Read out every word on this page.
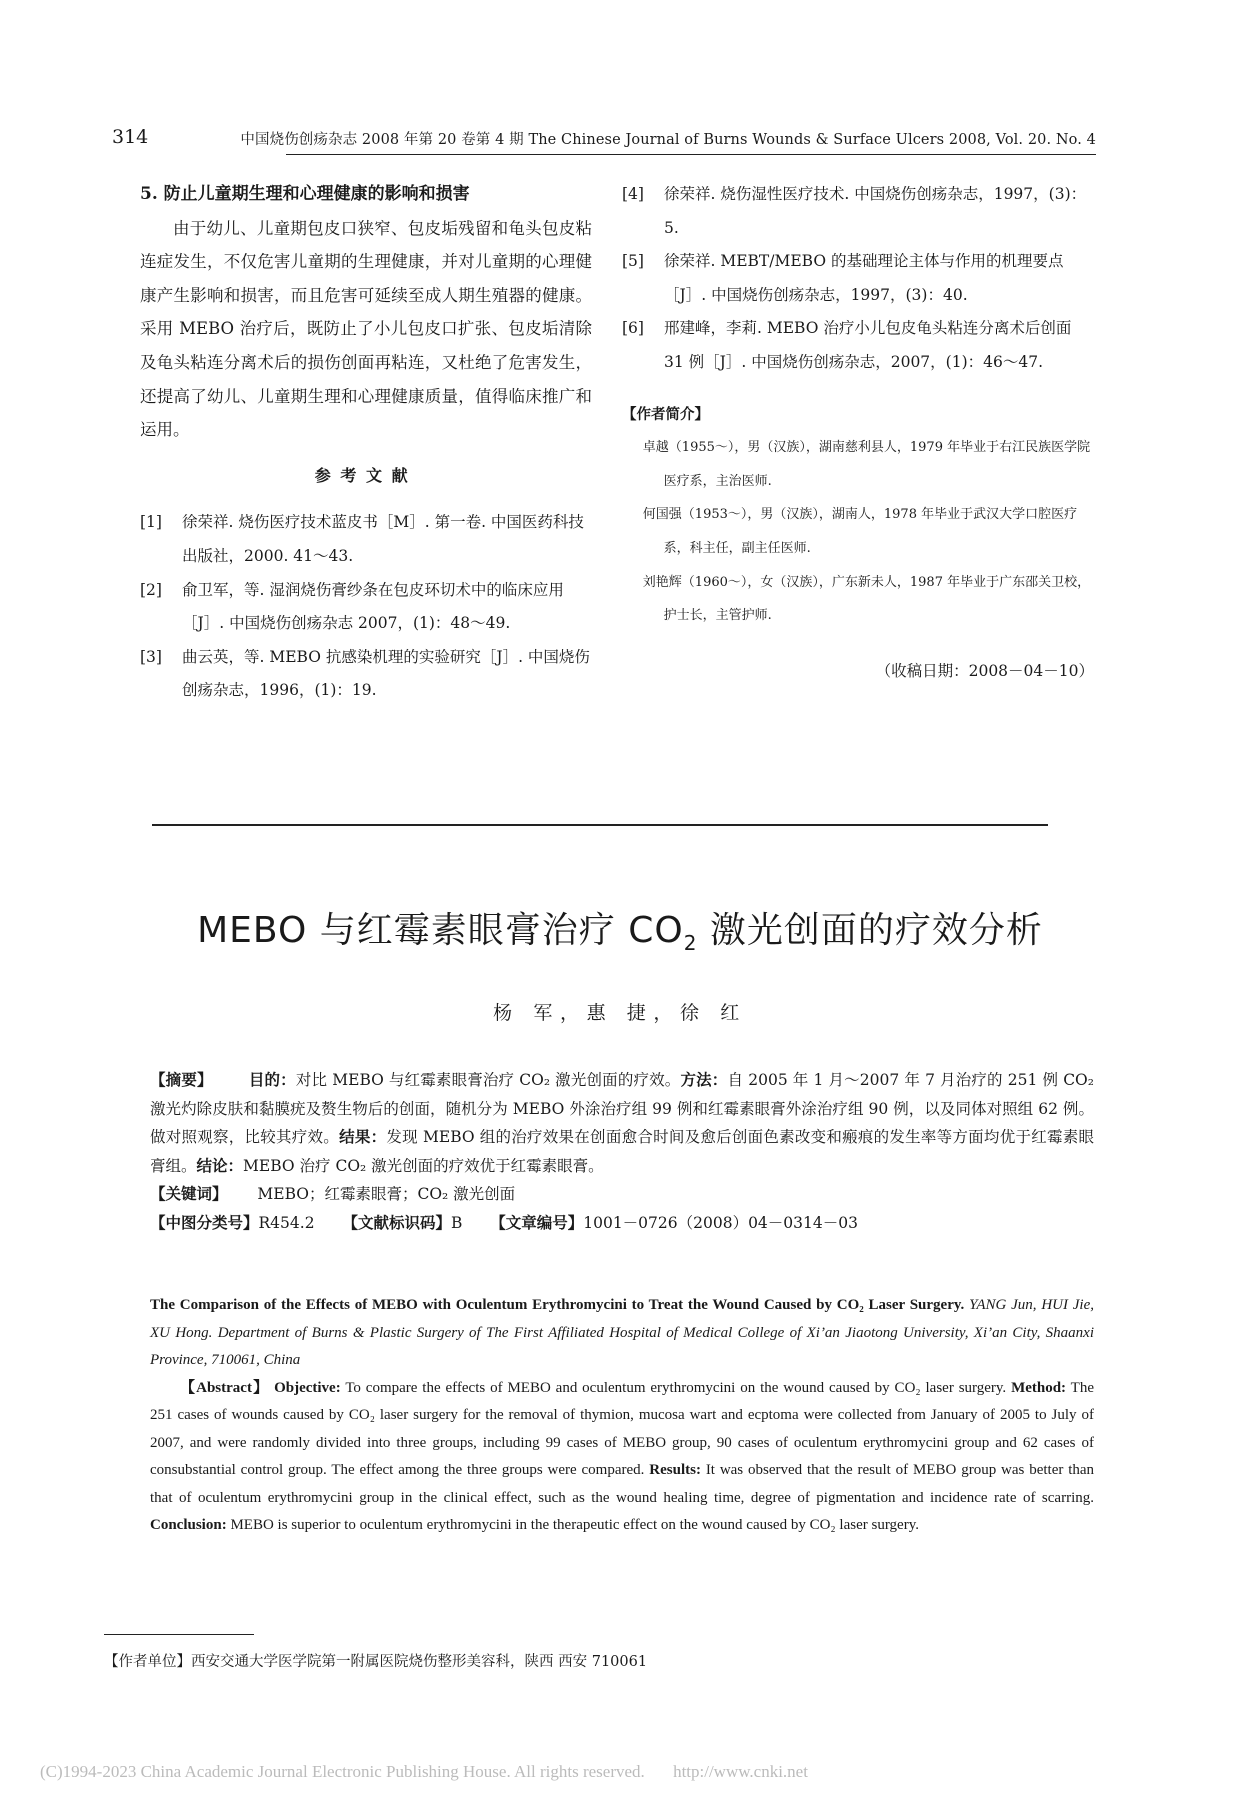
314	中国烧伤创疡杂志 2008 年第 20 卷第 4 期 The Chinese Journal of Burns Wounds & Surface Ulcers 2008, Vol. 20. No. 4
5. 防止儿童期生理和心理健康的影响和损害
由于幼儿、儿童期包皮口狭窄、包皮垢残留和龟头包皮粘连症发生，不仅危害儿童期的生理健康，并对儿童期的心理健康产生影响和损害，而且危害可延续至成人期生殖器的健康。采用 MEBO 治疗后，既防止了小儿包皮口扩张、包皮垢清除及龟头粘连分离术后的损伤创面再粘连，又杜绝了危害发生，还提高了幼儿、儿童期生理和心理健康质量，值得临床推广和运用。
参考文献
[1]	徐荣祥. 烧伤医疗技术蓝皮书［M］. 第一卷. 中国医药科技出版社，2000. 41～43.
[2]	俞卫军，等. 湿润烧伤膏纱条在包皮环切术中的临床应用［J］. 中国烧伤创疡杂志 2007，(1)：48～49.
[3]	曲云英，等. MEBO 抗感染机理的实验研究［J］. 中国烧伤创疡杂志，1996，(1)：19.
[4]	徐荣祥. 烧伤湿性医疗技术. 中国烧伤创疡杂志，1997，(3)：5.
[5]	徐荣祥. MEBT/MEBO 的基础理论主体与作用的机理要点［J］. 中国烧伤创疡杂志，1997，(3)：40.
[6]	邢建峰，李莉. MEBO 治疗小儿包皮龟头粘连分离术后创面 31 例［J］. 中国烧伤创疡杂志，2007，(1)：46～47.
【作者简介】
卓越（1955～），男（汉族），湖南慈利县人，1979 年毕业于右江民族医学院医疗系，主治医师.
何国强（1953～），男（汉族），湖南人，1978 年毕业于武汉大学口腔医疗系，科主任，副主任医师.
刘艳辉（1960～），女（汉族），广东新未人，1987 年毕业于广东邵关卫校，护士长，主管护师.
（收稿日期：2008－04－10）
MEBO 与红霉素眼膏治疗 $CO_2$ 激光创面的疗效分析
杨 军，惠 捷，徐 红
【摘要】 目的：对比 MEBO 与红霉素眼膏治疗 CO₂ 激光创面的疗效。方法：自 2005 年 1 月～2007 年 7 月治疗的 251 例 CO₂ 激光灼除皮肤和黏膜疣及赘生物后的创面，随机分为 MEBO 外涂治疗组 99 例和红霉素眼膏外涂治疗组 90 例，以及同体对照组 62 例。做对照观察，比较其疗效。结果：发现 MEBO 组的治疗效果在创面愈合时间及愈后创面色素改变和瘢痕的发生率等方面均优于红霉素眼膏组。结论：MEBO 治疗 CO₂ 激光创面的疗效优于红霉素眼膏。
【关键词】 MEBO；红霉素眼膏；CO₂ 激光创面
【中图分类号】R454.2 【文献标识码】B 【文章编号】1001－0726（2008）04－0314－03
The Comparison of the Effects of MEBO with Oculentum Erythromycini to Treat the Wound Caused by CO₂ Laser Surgery. YANG Jun, HUI Jie, XU Hong. Department of Burns & Plastic Surgery of The First Affiliated Hospital of Medical College of Xi’an Jiaotong University, Xi’an City, Shaanxi Province, 710061, China
【Abstract】 Objective: To compare the effects of MEBO and oculentum erythromycini on the wound caused by CO₂ laser surgery. Method: The 251 cases of wounds caused by CO₂ laser surgery for the removal of thymion, mucosa wart and ecptoma were collected from January of 2005 to July of 2007, and were randomly divided into three groups, including 99 cases of MEBO group, 90 cases of oculentum erythromycini group and 62 cases of consubstantial control group. The effect among the three groups were compared. Results: It was observed that the result of MEBO group was better than that of oculentum erythromycini group in the clinical effect, such as the wound healing time, degree of pigmentation and incidence rate of scarring. Conclusion: MEBO is superior to oculentum erythromycini in the therapeutic effect on the wound caused by CO₂ laser surgery.
【作者单位】西安交通大学医学院第一附属医院烧伤整形美容科，陕西 西安 710061
(C)1994-2023 China Academic Journal Electronic Publishing House. All rights reserved. http://www.cnki.net
